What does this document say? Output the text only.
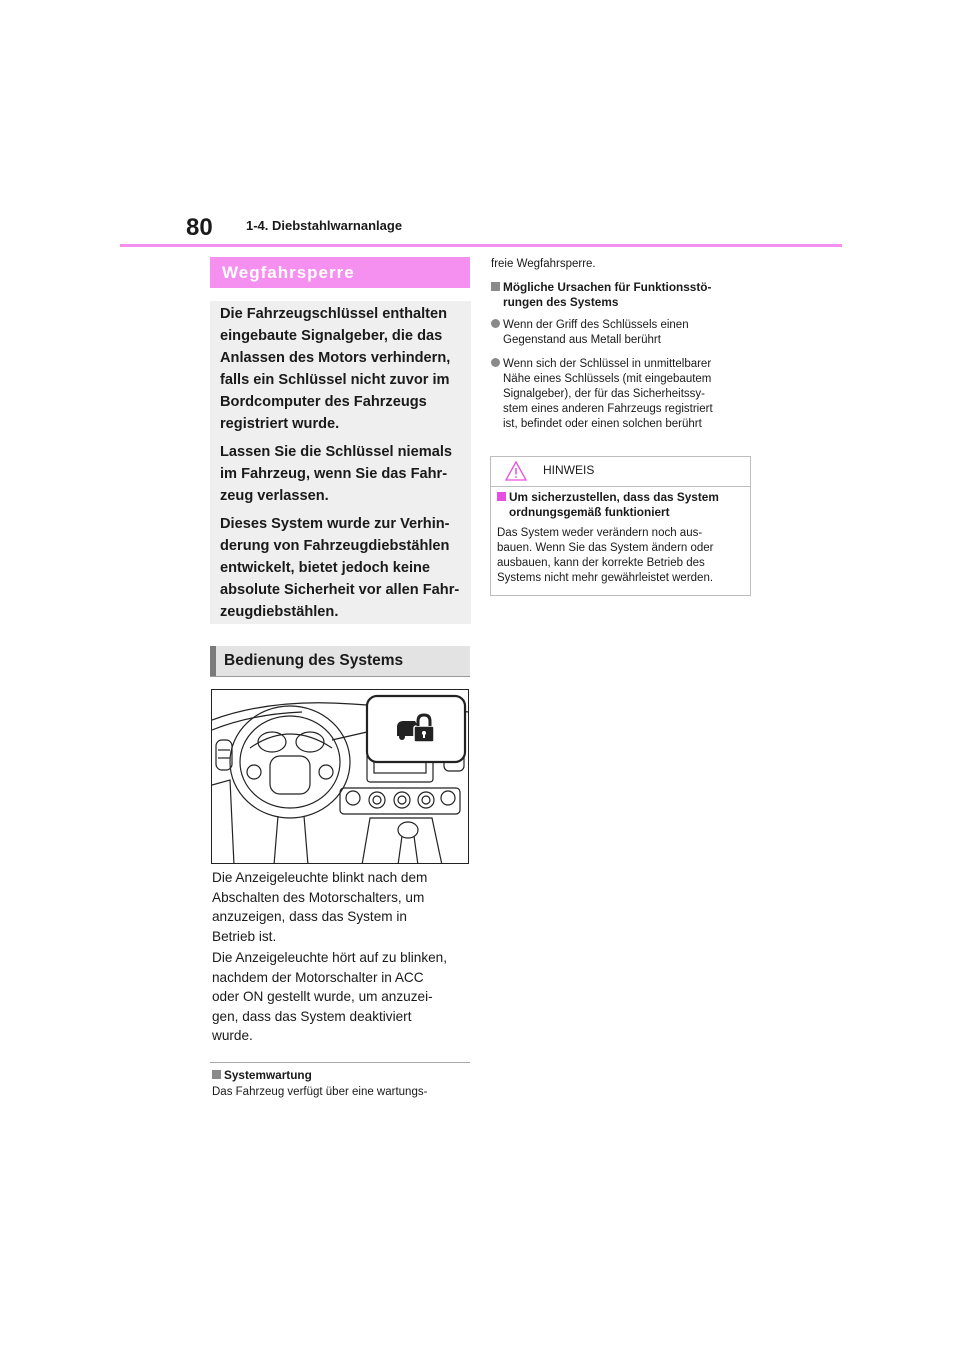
80	1-4. Diebstahlwarnanlage
Wegfahrsperre

Die Fahrzeugschlüssel enthalten
eingebaute Signalgeber, die das
Anlassen des Motors verhindern,
falls ein Schlüssel nicht zuvor im
Bordcomputer des Fahrzeugs
registriert wurde.

Lassen Sie die Schlüssel niemals
im Fahrzeug, wenn Sie das Fahr-
zeug verlassen.

Dieses System wurde zur Verhin-
derung von Fahrzeugdiebstählen
entwickelt, bietet jedoch keine
absolute Sicherheit vor allen Fahr-
zeugdiebstählen.

Bedienung des Systems
Die Anzeigeleuchte blinkt nach dem
Abschalten des Motorschalters, um
anzuzeigen, dass das System in
Betrieb ist.
Die Anzeigeleuchte hört auf zu blinken,
nachdem der Motorschalter in ACC
oder ON gestellt wurde, um anzuzei-
gen, dass das System deaktiviert
wurde.
Systemwartung
Das Fahrzeug verfügt über eine wartungs-
freie Wegfahrsperre.
Mögliche Ursachen für Funktionsstö-
rungen des Systems
Wenn der Griff des Schlüssels einen
Gegenstand aus Metall berührt
Wenn sich der Schlüssel in unmittelbarer
Nähe eines Schlüssels (mit eingebautem
Signalgeber), der für das Sicherheitssy-
stem eines anderen Fahrzeugs registriert
ist, befindet oder einen solchen berührt
HINWEIS
Um sicherzustellen, dass das System
ordnungsgemäß funktioniert
Das System weder verändern noch aus-
bauen. Wenn Sie das System ändern oder
ausbauen, kann der korrekte Betrieb des
Systems nicht mehr gewährleistet werden.
